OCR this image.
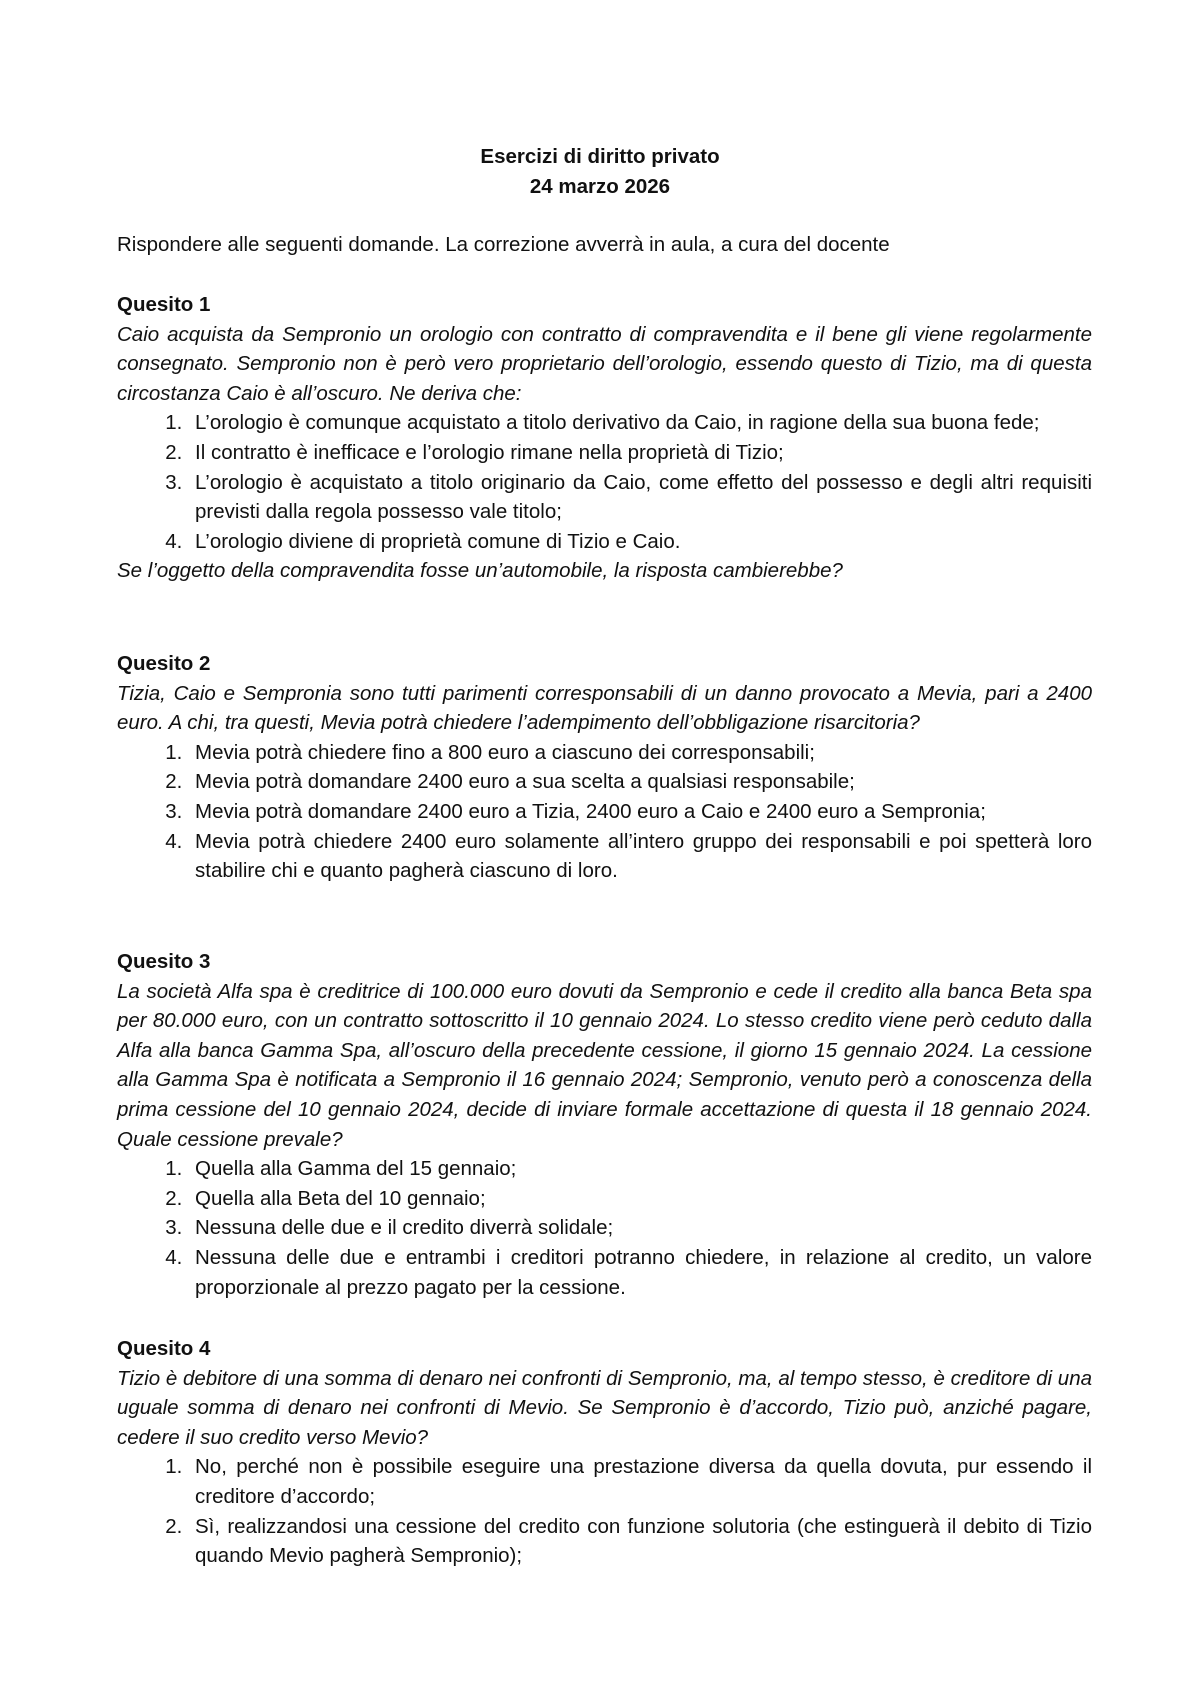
Esercizi di diritto privato
24 marzo 2026
Rispondere alle seguenti domande. La correzione avverrà in aula, a cura del docente
Quesito 1
Caio acquista da Sempronio un orologio con contratto di compravendita e il bene gli viene regolarmente consegnato. Sempronio non è però vero proprietario dell’orologio, essendo questo di Tizio, ma di questa circostanza Caio è all’oscuro. Ne deriva che:
1. L’orologio è comunque acquistato a titolo derivativo da Caio, in ragione della sua buona fede;
2. Il contratto è inefficace e l’orologio rimane nella proprietà di Tizio;
3. L’orologio è acquistato a titolo originario da Caio, come effetto del possesso e degli altri requisiti previsti dalla regola possesso vale titolo;
4. L’orologio diviene di proprietà comune di Tizio e Caio.
Se l’oggetto della compravendita fosse un’automobile, la risposta cambierebbe?
Quesito 2
Tizia, Caio e Sempronia sono tutti parimenti corresponsabili di un danno provocato a Mevia, pari a 2400 euro. A chi, tra questi, Mevia potrà chiedere l’adempimento dell’obbligazione risarcitoria?
1. Mevia potrà chiedere fino a 800 euro a ciascuno dei corresponsabili;
2. Mevia potrà domandare 2400 euro a sua scelta a qualsiasi responsabile;
3. Mevia potrà domandare 2400 euro a Tizia, 2400 euro a Caio e 2400 euro a Sempronia;
4. Mevia potrà chiedere 2400 euro solamente all’intero gruppo dei responsabili e poi spetterà loro stabilire chi e quanto pagherà ciascuno di loro.
Quesito 3
La società Alfa spa è creditrice di 100.000 euro dovuti da Sempronio e cede il credito alla banca Beta spa per 80.000 euro, con un contratto sottoscritto il 10 gennaio 2024. Lo stesso credito viene però ceduto dalla Alfa alla banca Gamma Spa, all’oscuro della precedente cessione, il giorno 15 gennaio 2024. La cessione alla Gamma Spa è notificata a Sempronio il 16 gennaio 2024; Sempronio, venuto però a conoscenza della prima cessione del 10 gennaio 2024, decide di inviare formale accettazione di questa il 18 gennaio 2024. Quale cessione prevale?
1. Quella alla Gamma del 15 gennaio;
2. Quella alla Beta del 10 gennaio;
3. Nessuna delle due e il credito diverrà solidale;
4. Nessuna delle due e entrambi i creditori potranno chiedere, in relazione al credito, un valore proporzionale al prezzo pagato per la cessione.
Quesito 4
Tizio è debitore di una somma di denaro nei confronti di Sempronio, ma, al tempo stesso, è creditore di una uguale somma di denaro nei confronti di Mevio. Se Sempronio è d’accordo, Tizio può, anziché pagare, cedere il suo credito verso Mevio?
1. No, perché non è possibile eseguire una prestazione diversa da quella dovuta, pur essendo il creditore d’accordo;
2. Sì, realizzandosi una cessione del credito con funzione solutoria (che estinguerà il debito di Tizio quando Mevio pagherà Sempronio);
